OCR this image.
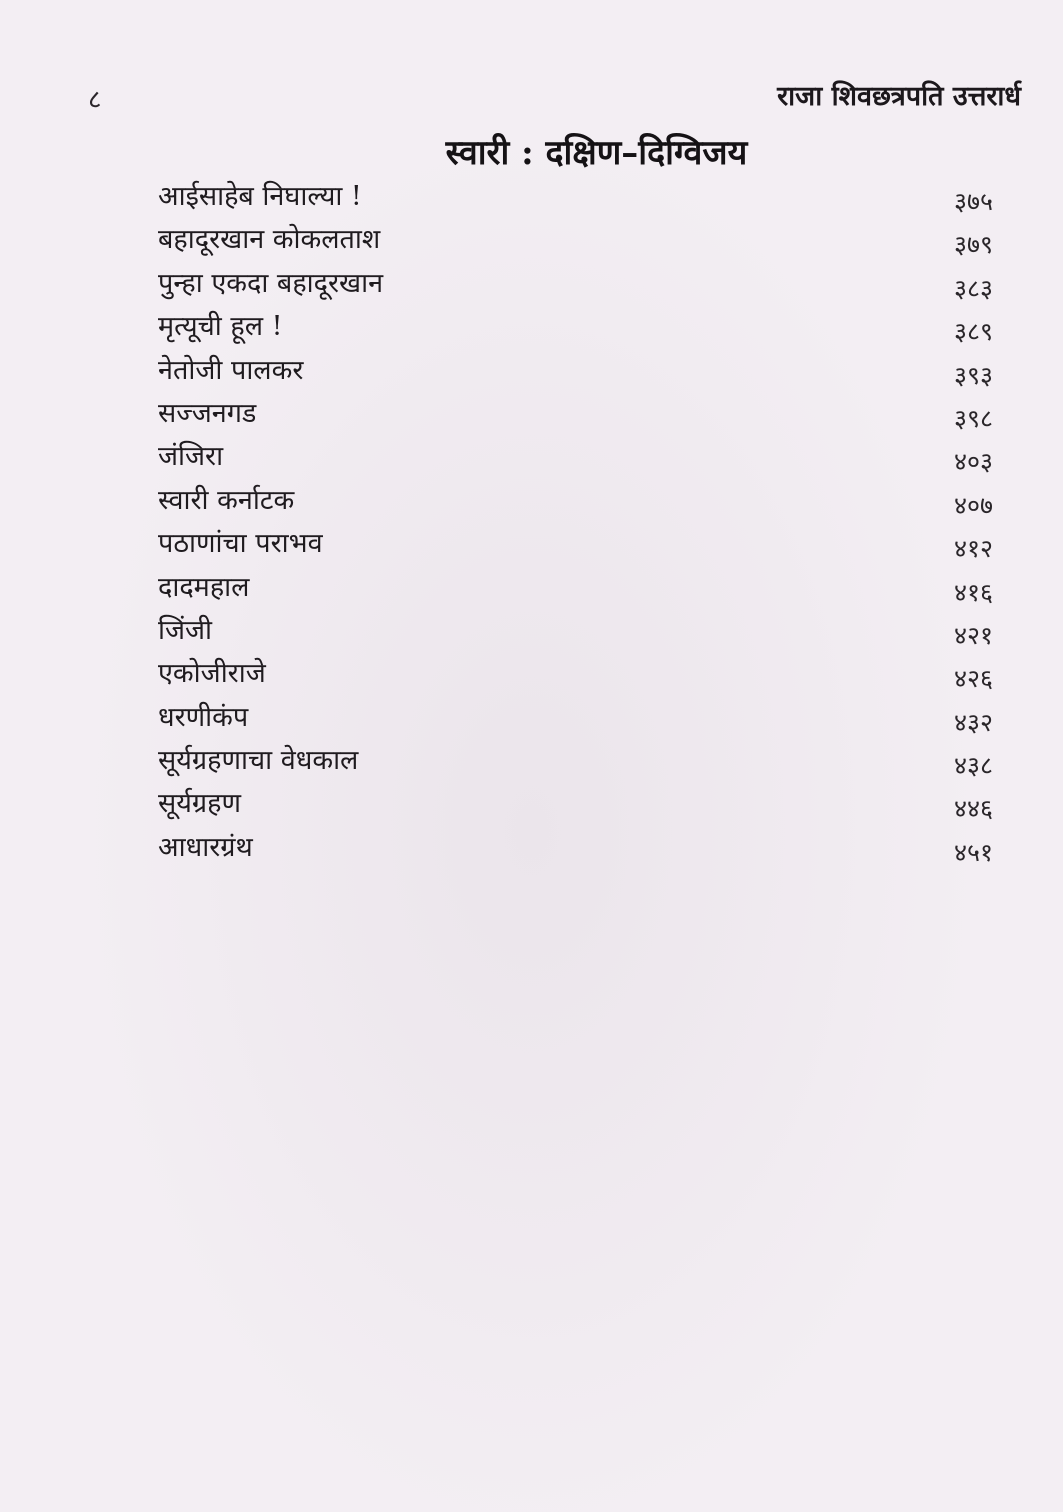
८	राजा शिवछत्रपति उत्तरार्ध
स्वारी : दक्षिण–दिग्विजय
आईसाहेब निघाल्या !	३७५
बहादूरखान कोकलताश	३७९
पुन्हा एकदा बहादूरखान	३८३
मृत्यूची हूल !	३८९
नेतोजी पालकर	३९३
सज्जनगड	३९८
जंजिरा	४०३
स्वारी कर्नाटक	४०७
पठाणांचा पराभव	४१२
दादमहाल	४१६
जिंजी	४२१
एकोजीराजे	४२६
धरणीकंप	४३२
सूर्यग्रहणाचा वेधकाल	४३८
सूर्यग्रहण	४४६
आधारग्रंथ	४५१
